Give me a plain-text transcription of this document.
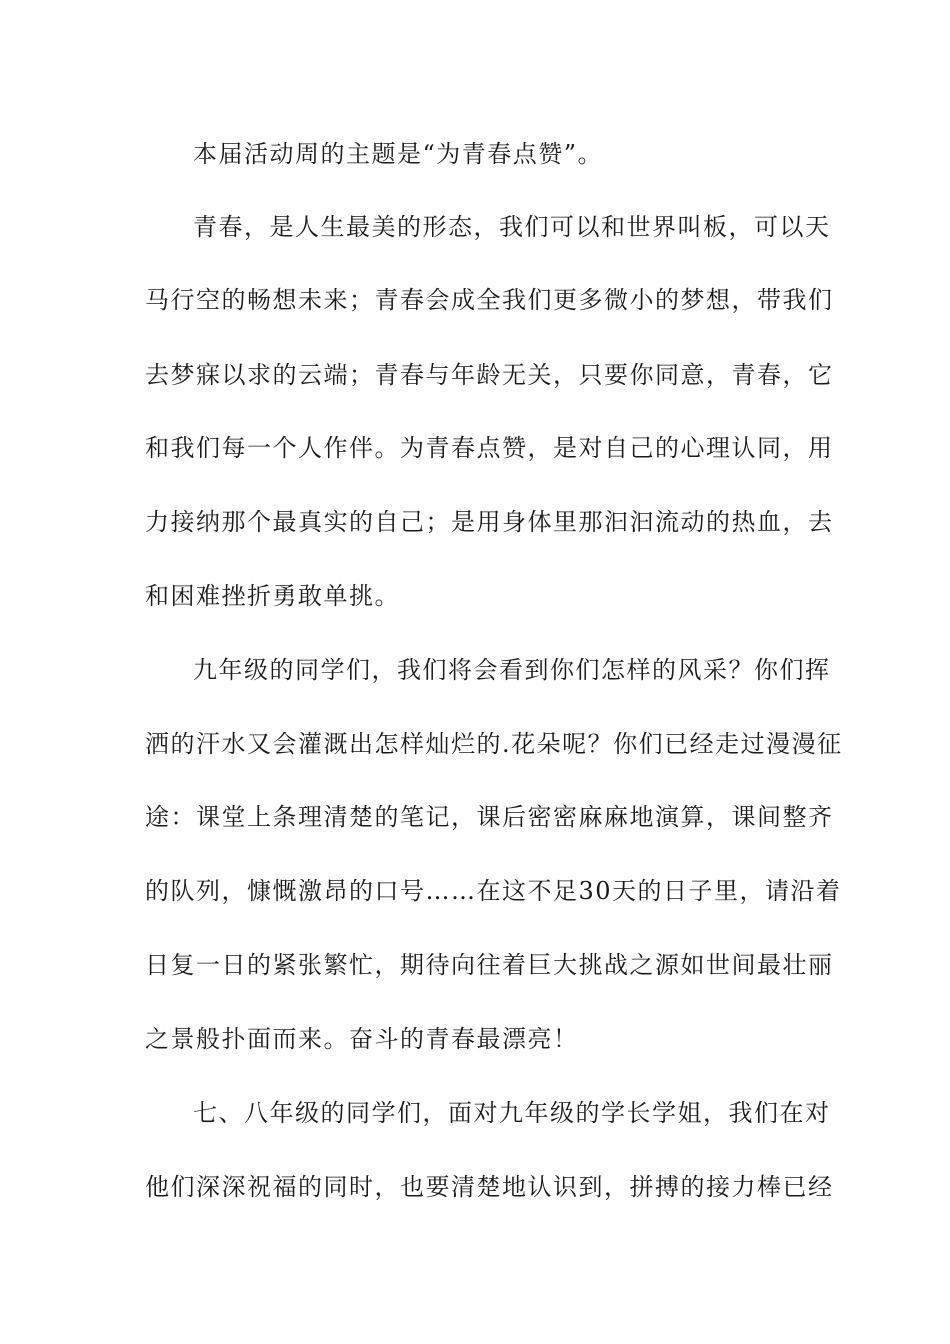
本届活动周的主题是“为青春点赞”。
青春，是人生最美的形态，我们可以和世界叫板，可以天
马行空的畅想未来；青春会成全我们更多微小的梦想，带我们
去梦寐以求的云端；青春与年龄无关，只要你同意，青春，它
和我们每一个人作伴。为青春点赞，是对自己的心理认同，用
力接纳那个最真实的自己；是用身体里那汩汩流动的热血，去
和困难挫折勇敢单挑。
九年级的同学们，我们将会看到你们怎样的风采？你们挥
洒的汗水又会灌溉出怎样灿烂的.花朵呢？你们已经走过漫漫征
途：课堂上条理清楚的笔记，课后密密麻麻地演算，课间整齐
的队列，慷慨激昂的口号……在这不足30天的日子里，请沿着
日复一日的紧张繁忙，期待向往着巨大挑战之源如世间最壮丽
之景般扑面而来。奋斗的青春最漂亮！
七、八年级的同学们，面对九年级的学长学姐，我们在对
他们深深祝福的同时，也要清楚地认识到，拼搏的接力棒已经
